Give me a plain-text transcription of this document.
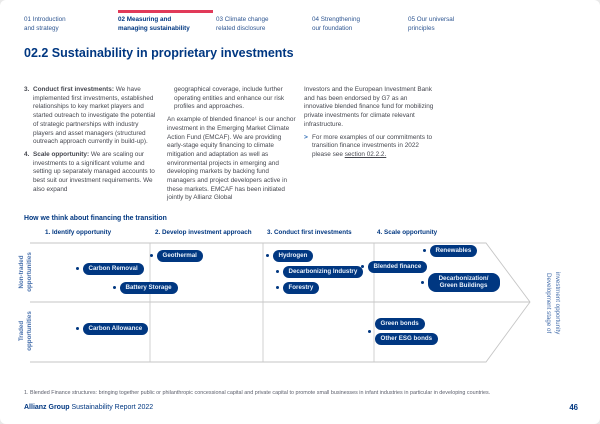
01 Introduction
and strategy
02 Measuring and
managing sustainability
03 Climate change
related disclosure
04 Strengthening
our foundation
05 Our universal
principles
02.2 Sustainability in proprietary investments
3. Conduct first investments: We have implemented first investments, established relationships to key market players and started outreach to investigate the potential of strategic partnerships with industry players and asset managers (structured outreach approach currently in build-up).

4. Scale opportunity: We are scaling our investments to a significant volume and setting up separately managed accounts to best suit our investment requirements. We also expand

geographical coverage, include further operating entities and enhance our risk profiles and approaches.

An example of blended finance¹ is our anchor investment in the Emerging Market Climate Action Fund (EMCAF). We are providing early-stage equity financing to climate mitigation and adaptation as well as environmental projects in emerging and developing markets by backing fund managers and project developers active in these markets. EMCAF has been initiated jointly by Allianz Global

Investors and the European Investment Bank and has been endorsed by G7 as an innovative blended finance fund for mobilizing private investments for climate relevant infrastructure.

> For more examples of our commitments to transition finance investments in 2022 please see section 02.2.2.

How we think about financing the transition
1. Identify opportunity	2. Develop investment approach 3. Conduct first investments	4. Scale opportunity
Non-traded opportunities
Traded opportunities	Development stage of investment opportunity
Carbon Removal
Geothermal
Battery Storage
Hydrogen
Decarbonizing Industry
Forestry
Blended finance
Renewables
Decarbonization/ Green Buildings
Carbon Allowance
Green bonds
Other ESG bonds
1. Blended Finance structures: bringing together public or philanthropic concessional capital and private capital to promote small businesses in infant industries in particular in developing countries.
Allianz Group Sustainability Report 2022	46
